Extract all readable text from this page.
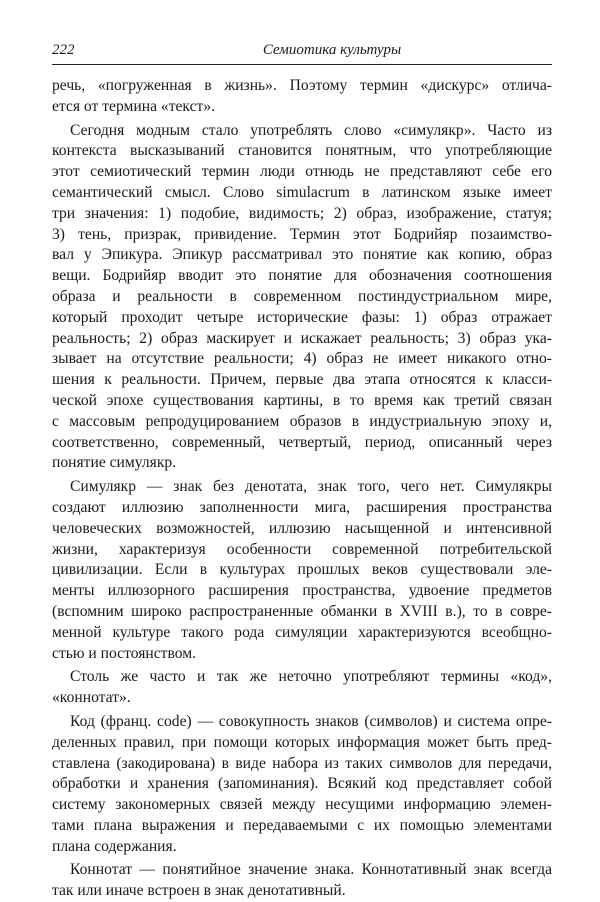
222	Семиотика культуры
речь, «погруженная в жизнь». Поэтому термин «дискурс» отлича-
ется от термина «текст».
Сегодня модным стало употреблять слово «симулякр». Часто из
контекста высказываний становится понятным, что употребляющие
этот семиотический термин люди отнюдь не представляют себе его
семантический смысл. Слово simulacrum в латинском языке имеет
три значения: 1) подобие, видимость; 2) образ, изображение, статуя;
3) тень, призрак, привидение. Термин этот Бодрийяр позаимство-
вал у Эпикура. Эпикур рассматривал это понятие как копию, образ
вещи. Бодрийяр вводит это понятие для обозначения соотношения
образа и реальности в современном постиндустриальном мире,
который проходит четыре исторические фазы: 1) образ отражает
реальность; 2) образ маскирует и искажает реальность; 3) образ ука-
зывает на отсутствие реальности; 4) образ не имеет никакого отно-
шения к реальности. Причем, первые два этапа относятся к класси-
ческой эпохе существования картины, в то время как третий связан
с массовым репродуцированием образов в индустриальную эпоху и,
соответственно, современный, четвертый, период, описанный через
понятие симулякр.
Симулякр — знак без денотата, знак того, чего нет. Симулякры
создают иллюзию заполненности мига, расширения пространства
человеческих возможностей, иллюзию насыщенной и интенсивной
жизни, характеризуя особенности современной потребительской
цивилизации. Если в культурах прошлых веков существовали эле-
менты иллюзорного расширения пространства, удвоение предметов
(вспомним широко распространенные обманки в XVIII в.), то в совре-
менной культуре такого рода симуляции характеризуются всеобщно-
стью и постоянством.
Столь же часто и так же неточно употребляют термины «код»,
«коннотат».
Код (франц. code) — совокупность знаков (символов) и система опре-
деленных правил, при помощи которых информация может быть пред-
ставлена (закодирована) в виде набора из таких символов для передачи,
обработки и хранения (запоминания). Всякий код представляет собой
систему закономерных связей между несущими информацию элемен-
тами плана выражения и передаваемыми с их помощью элементами
плана содержания.
Коннотат — понятийное значение знака. Коннотативный знак всегда
так или иначе встроен в знак денотативный.
